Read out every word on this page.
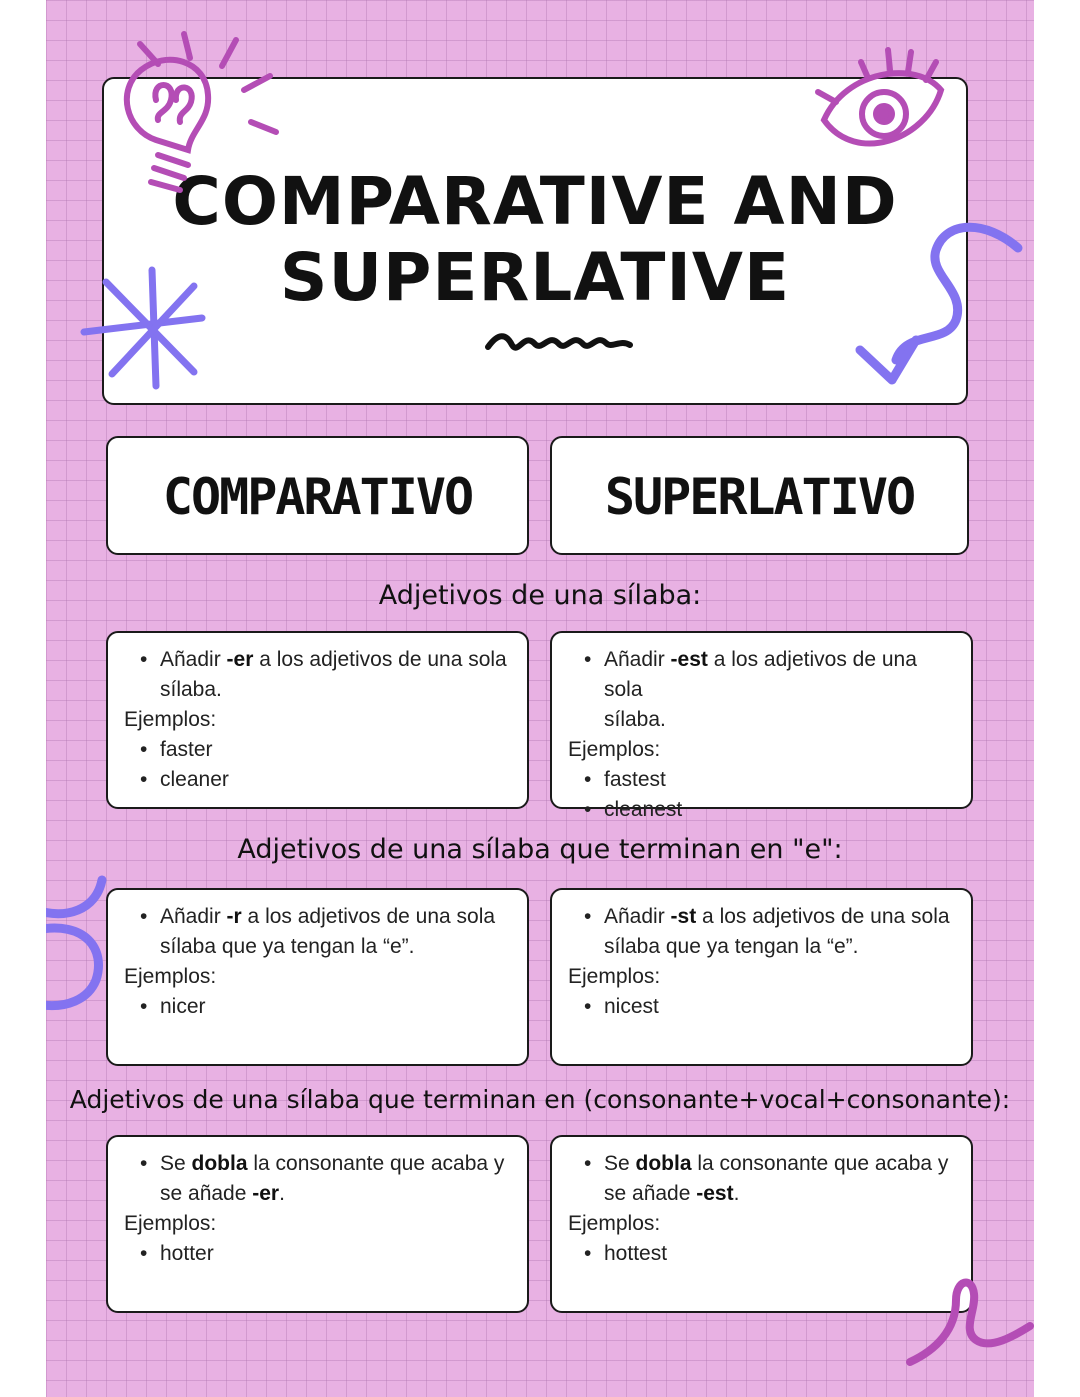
COMPARATIVE AND
SUPERLATIVE
COMPARATIVO	SUPERLATIVO
Adjetivos de una sílaba:
• Añadir -er a los adjetivos de una sola
sílaba.
Ejemplos:
• faster
• cleaner
• Añadir -est a los adjetivos de una sola
sílaba.
Ejemplos:
• fastest
• cleanest
Adjetivos de una sílaba que terminan en "e":
• Añadir -r a los adjetivos de una sola
sílaba que ya tengan la “e”.
Ejemplos:
• nicer
• Añadir -st a los adjetivos de una sola
sílaba que ya tengan la “e”.
Ejemplos:
• nicest
Adjetivos de una sílaba que terminan en (consonante+vocal+consonante):
• Se dobla la consonante que acaba y
se añade -er.
Ejemplos:
• hotter
• Se dobla la consonante que acaba y
se añade -est.
Ejemplos:
• hottest
